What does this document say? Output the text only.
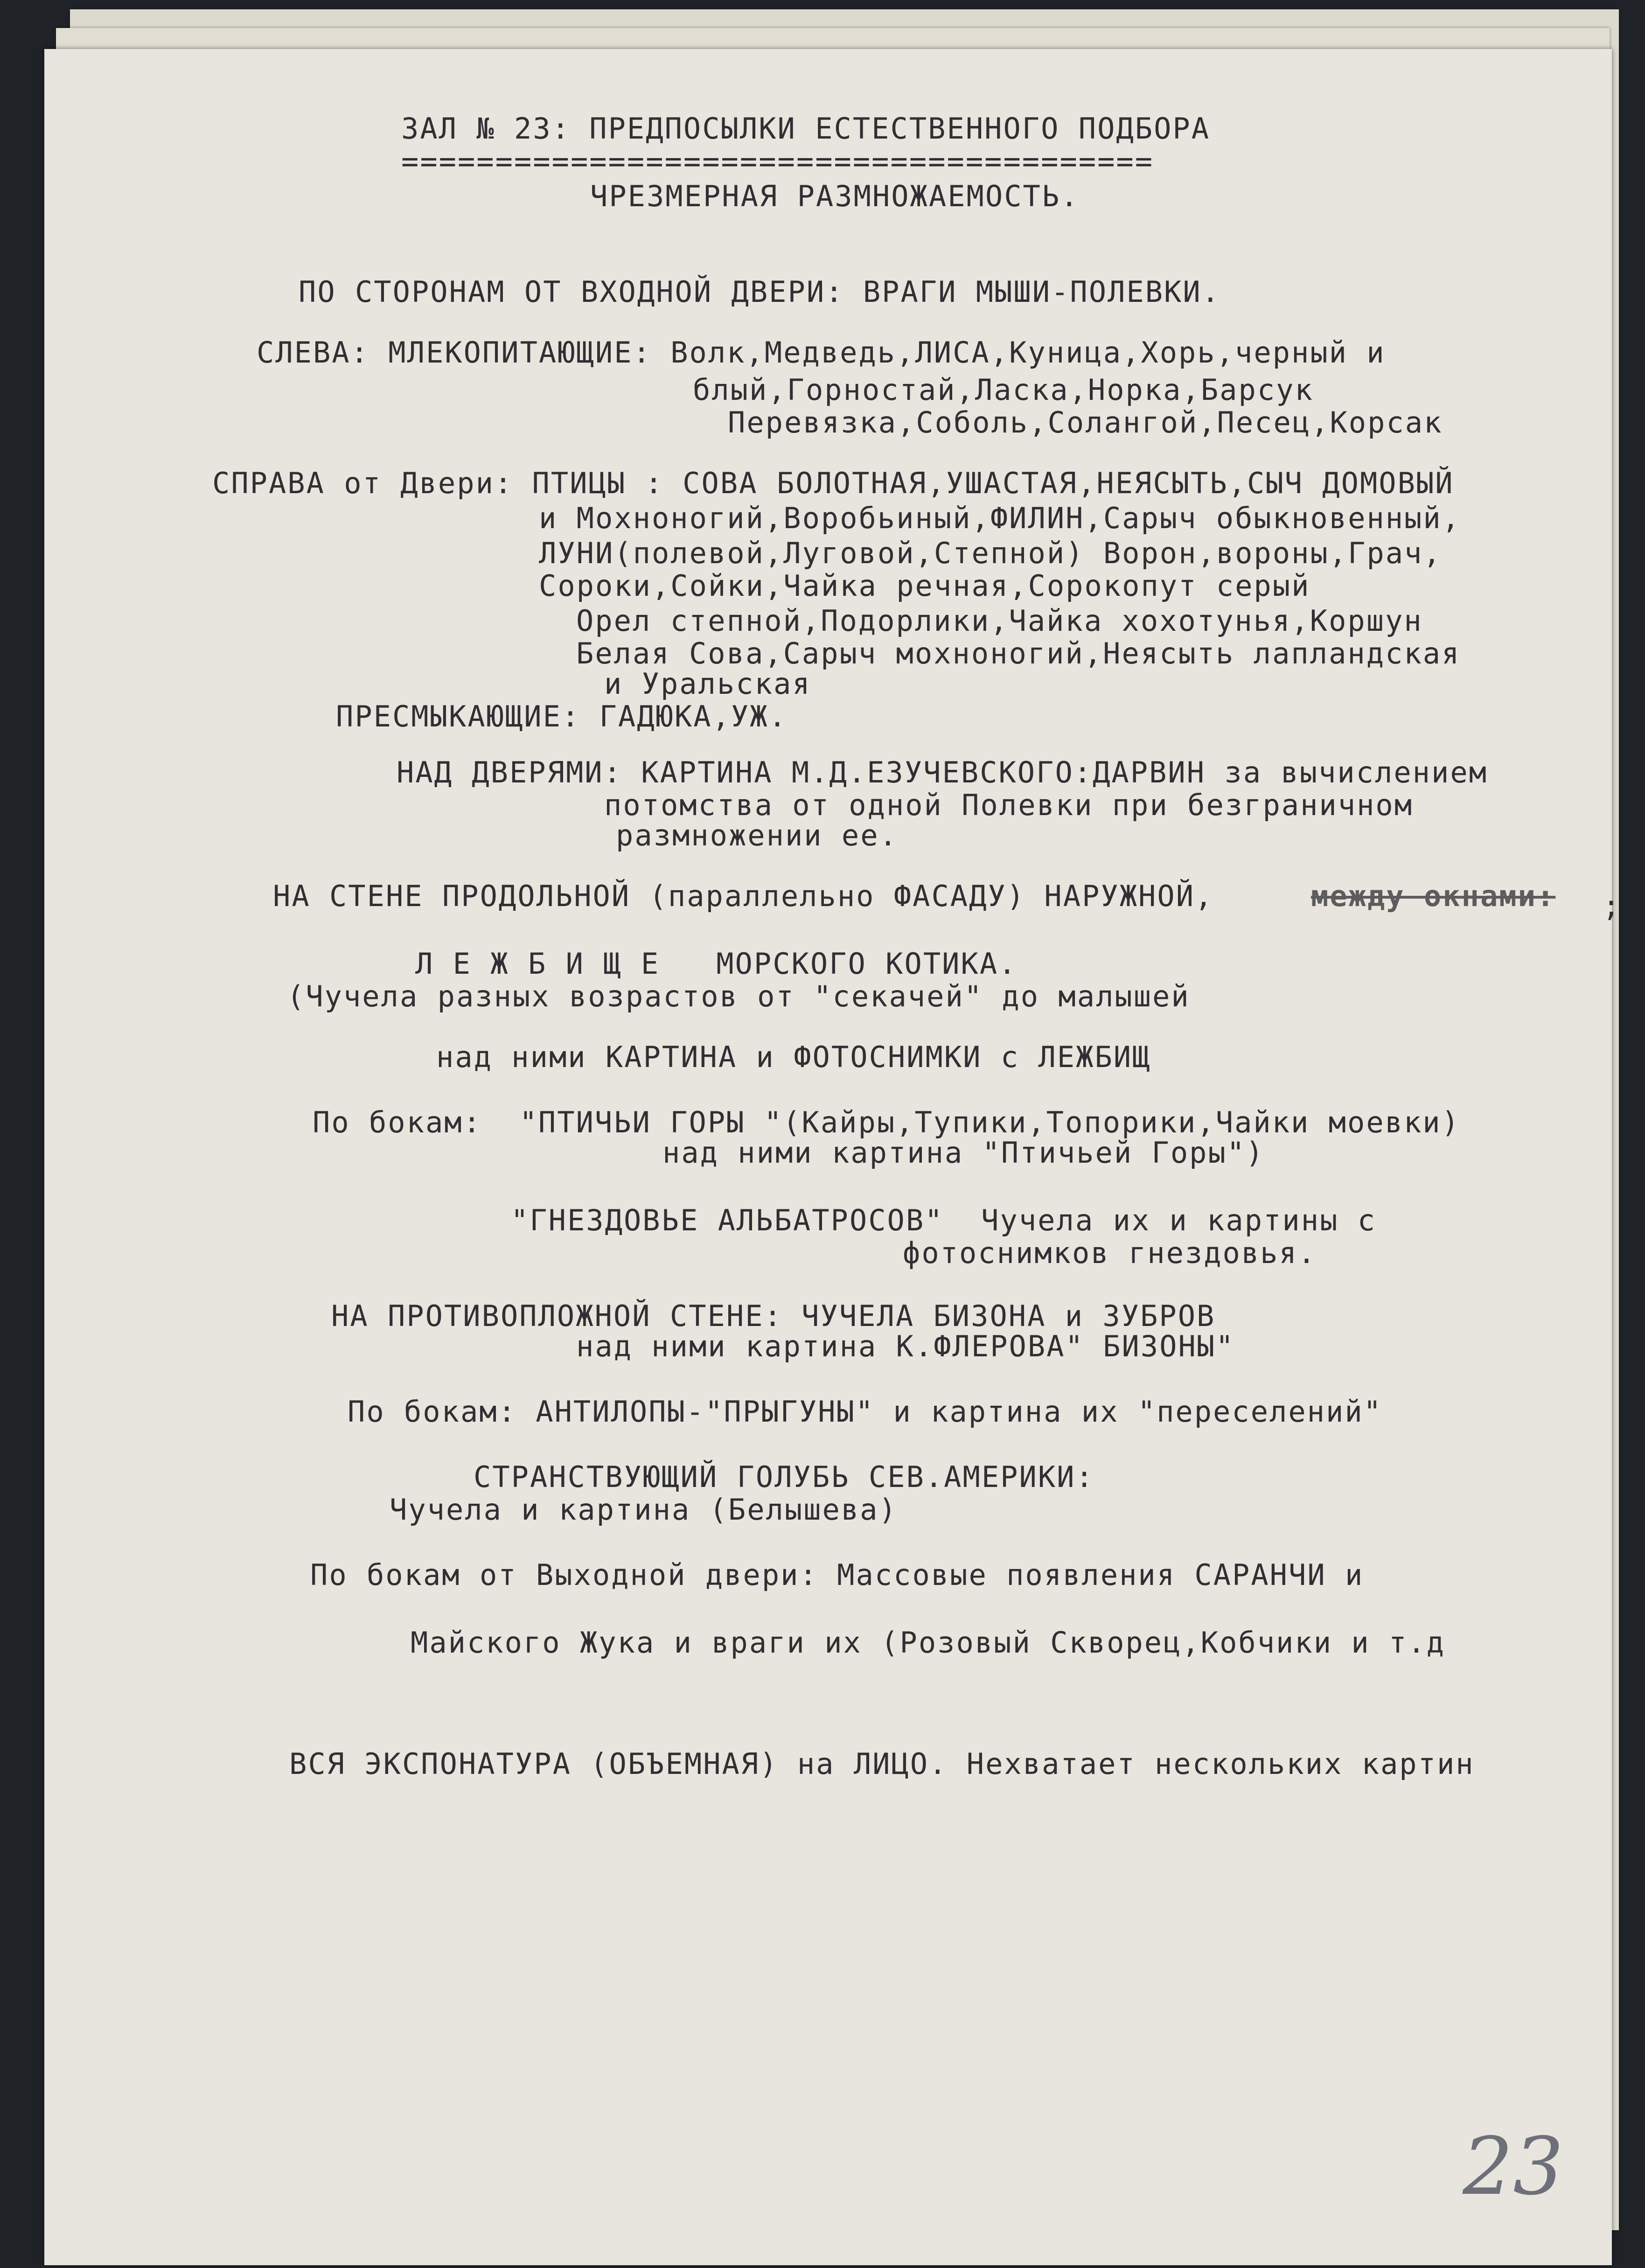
ЗАЛ № 23: ПРЕДПОСЫЛКИ ЕСТЕСТВЕННОГО ПОДБОРА
========================================
ЧРЕЗМЕРНАЯ РАЗМНОЖАЕМОСТЬ.
ПО СТОРОНАМ ОТ ВХОДНОЙ ДВЕРИ: ВРАГИ МЫШИ-ПОЛЕВКИ.
СЛЕВА: МЛЕКОПИТАЮЩИЕ: Волк,Медведь,ЛИСА,Куница,Хорь,черный и
блый,Горностай,Ласка,Норка,Барсук
Перевязка,Соболь,Солангой,Песец,Корсак
СПРАВА от Двери: ПТИЦЫ : СОВА БОЛОТНАЯ,УШАСТАЯ,НЕЯСЫТЬ,СЫЧ ДОМОВЫЙ
и Мохноногий,Воробьиный,ФИЛИН,Сарыч обыкновенный,
ЛУНИ(полевой,Луговой,Степной) Ворон,вороны,Грач,
Сороки,Сойки,Чайка речная,Сорокопут серый
Орел степной,Подорлики,Чайка хохотунья,Коршун
Белая Сова,Сарыч мохноногий,Неясыть лапландская
и Уральская
ПРЕСМЫКАЮЩИЕ: ГАДЮКА,УЖ.
НАД ДВЕРЯМИ: КАРТИНА М.Д.ЕЗУЧЕВСКОГО:ДАРВИН за вычислением
потомства от одной Полевки при безграничном
размножении ее.
НА СТЕНЕ ПРОДОЛЬНОЙ (параллельно ФАСАДУ) НАРУЖНОЙ,	между окнами: ;
Л Е Ж Б И Щ Е   МОРСКОГО КОТИКА.
(Чучела разных возрастов от "секачей" до малышей
над ними КАРТИНА и ФОТОСНИМКИ с ЛЕЖБИЩ
По бокам:  "ПТИЧЬИ ГОРЫ "(Кайры,Тупики,Топорики,Чайки моевки)
над ними картина "Птичьей Горы")
"ГНЕЗДОВЬЕ АЛЬБАТРОСОВ"  Чучела их и картины с
фотоснимков гнездовья.
НА ПРОТИВОПЛОЖНОЙ СТЕНЕ: ЧУЧЕЛА БИЗОНА и ЗУБРОВ
над ними картина К.ФЛЕРОВА" БИЗОНЫ"
По бокам: АНТИЛОПЫ-"ПРЫГУНЫ" и картина их "переселений"
СТРАНСТВУЮЩИЙ ГОЛУБЬ СЕВ.АМЕРИКИ:
Чучела и картина (Белышева)
По бокам от Выходной двери: Массовые появления САРАНЧИ и
Майского Жука и враги их (Розовый Скворец,Кобчики и т.д
ВСЯ ЭКСПОНАТУРА (ОБЪЕМНАЯ) на ЛИЦО. Нехватает нескольких картин
23
